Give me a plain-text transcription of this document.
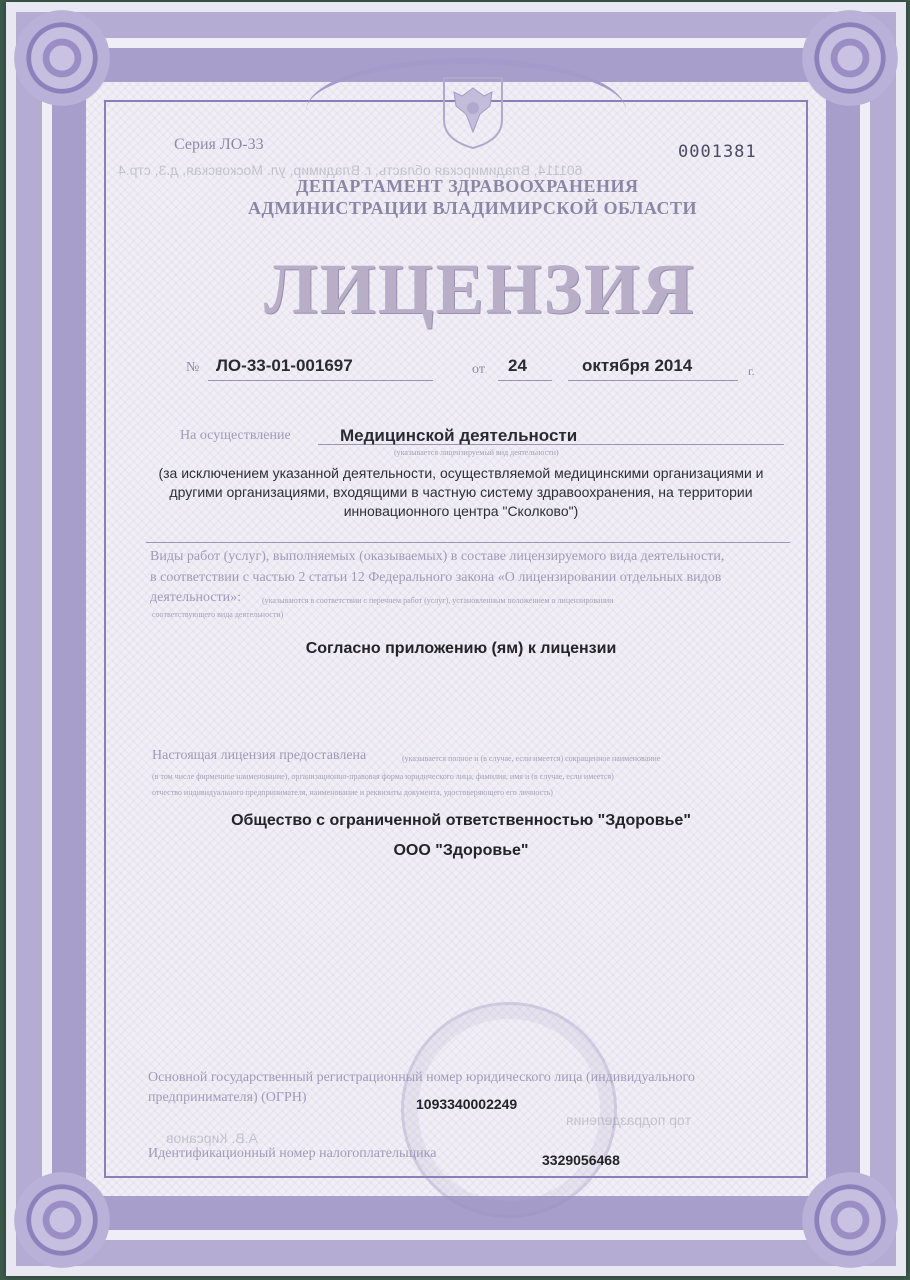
601114, Владимирская область, г. Владимир, ул. Московская, д.3, стр.4
тор подразделения
А.В. Кирсанов
Серия ЛО-33	0001381
ДЕПАРТАМЕНТ ЗДРАВООХРАНЕНИЯ
АДМИНИСТРАЦИИ ВЛАДИМИРСКОЙ ОБЛАСТИ
ЛИЦЕНЗИЯ
№ ЛО-33-01-001697	от 24	октября 2014	г.
На осуществление	Медицинской деятельности
(указывается лицензируемый вид деятельности)
(за исключением указанной деятельности, осуществляемой медицинскими организациями и другими организациями, входящими в частную систему здравоохранения, на территории инновационного центра "Сколково")
Виды работ (услуг), выполняемых (оказываемых) в составе лицензируемого вида деятельности,
в соответствии с частью 2 статьи 12 Федерального закона «О лицензировании отдельных видов
деятельности»:	(указываются в соответствии с перечнем работ (услуг), установленным положением о лицензировании
соответствующего вида деятельности)
Согласно приложению (ям) к лицензии
Настоящая лицензия предоставлена	(указывается полное и (в случае, если имеется) сокращенное наименование
(в том числе фирменное наименование), организационно-правовая форма юридического лица, фамилия, имя и (в случае, если имеется)
отчество индивидуального предпринимателя, наименование и реквизиты документа, удостоверяющего его личность)
Общество с ограниченной ответственностью "Здоровье"
ООО "Здоровье"
Основной государственный регистрационный номер юридического лица (индивидуального
предпринимателя) (ОГРН)	1093340002249
Идентификационный номер налогоплательщика	3329056468
